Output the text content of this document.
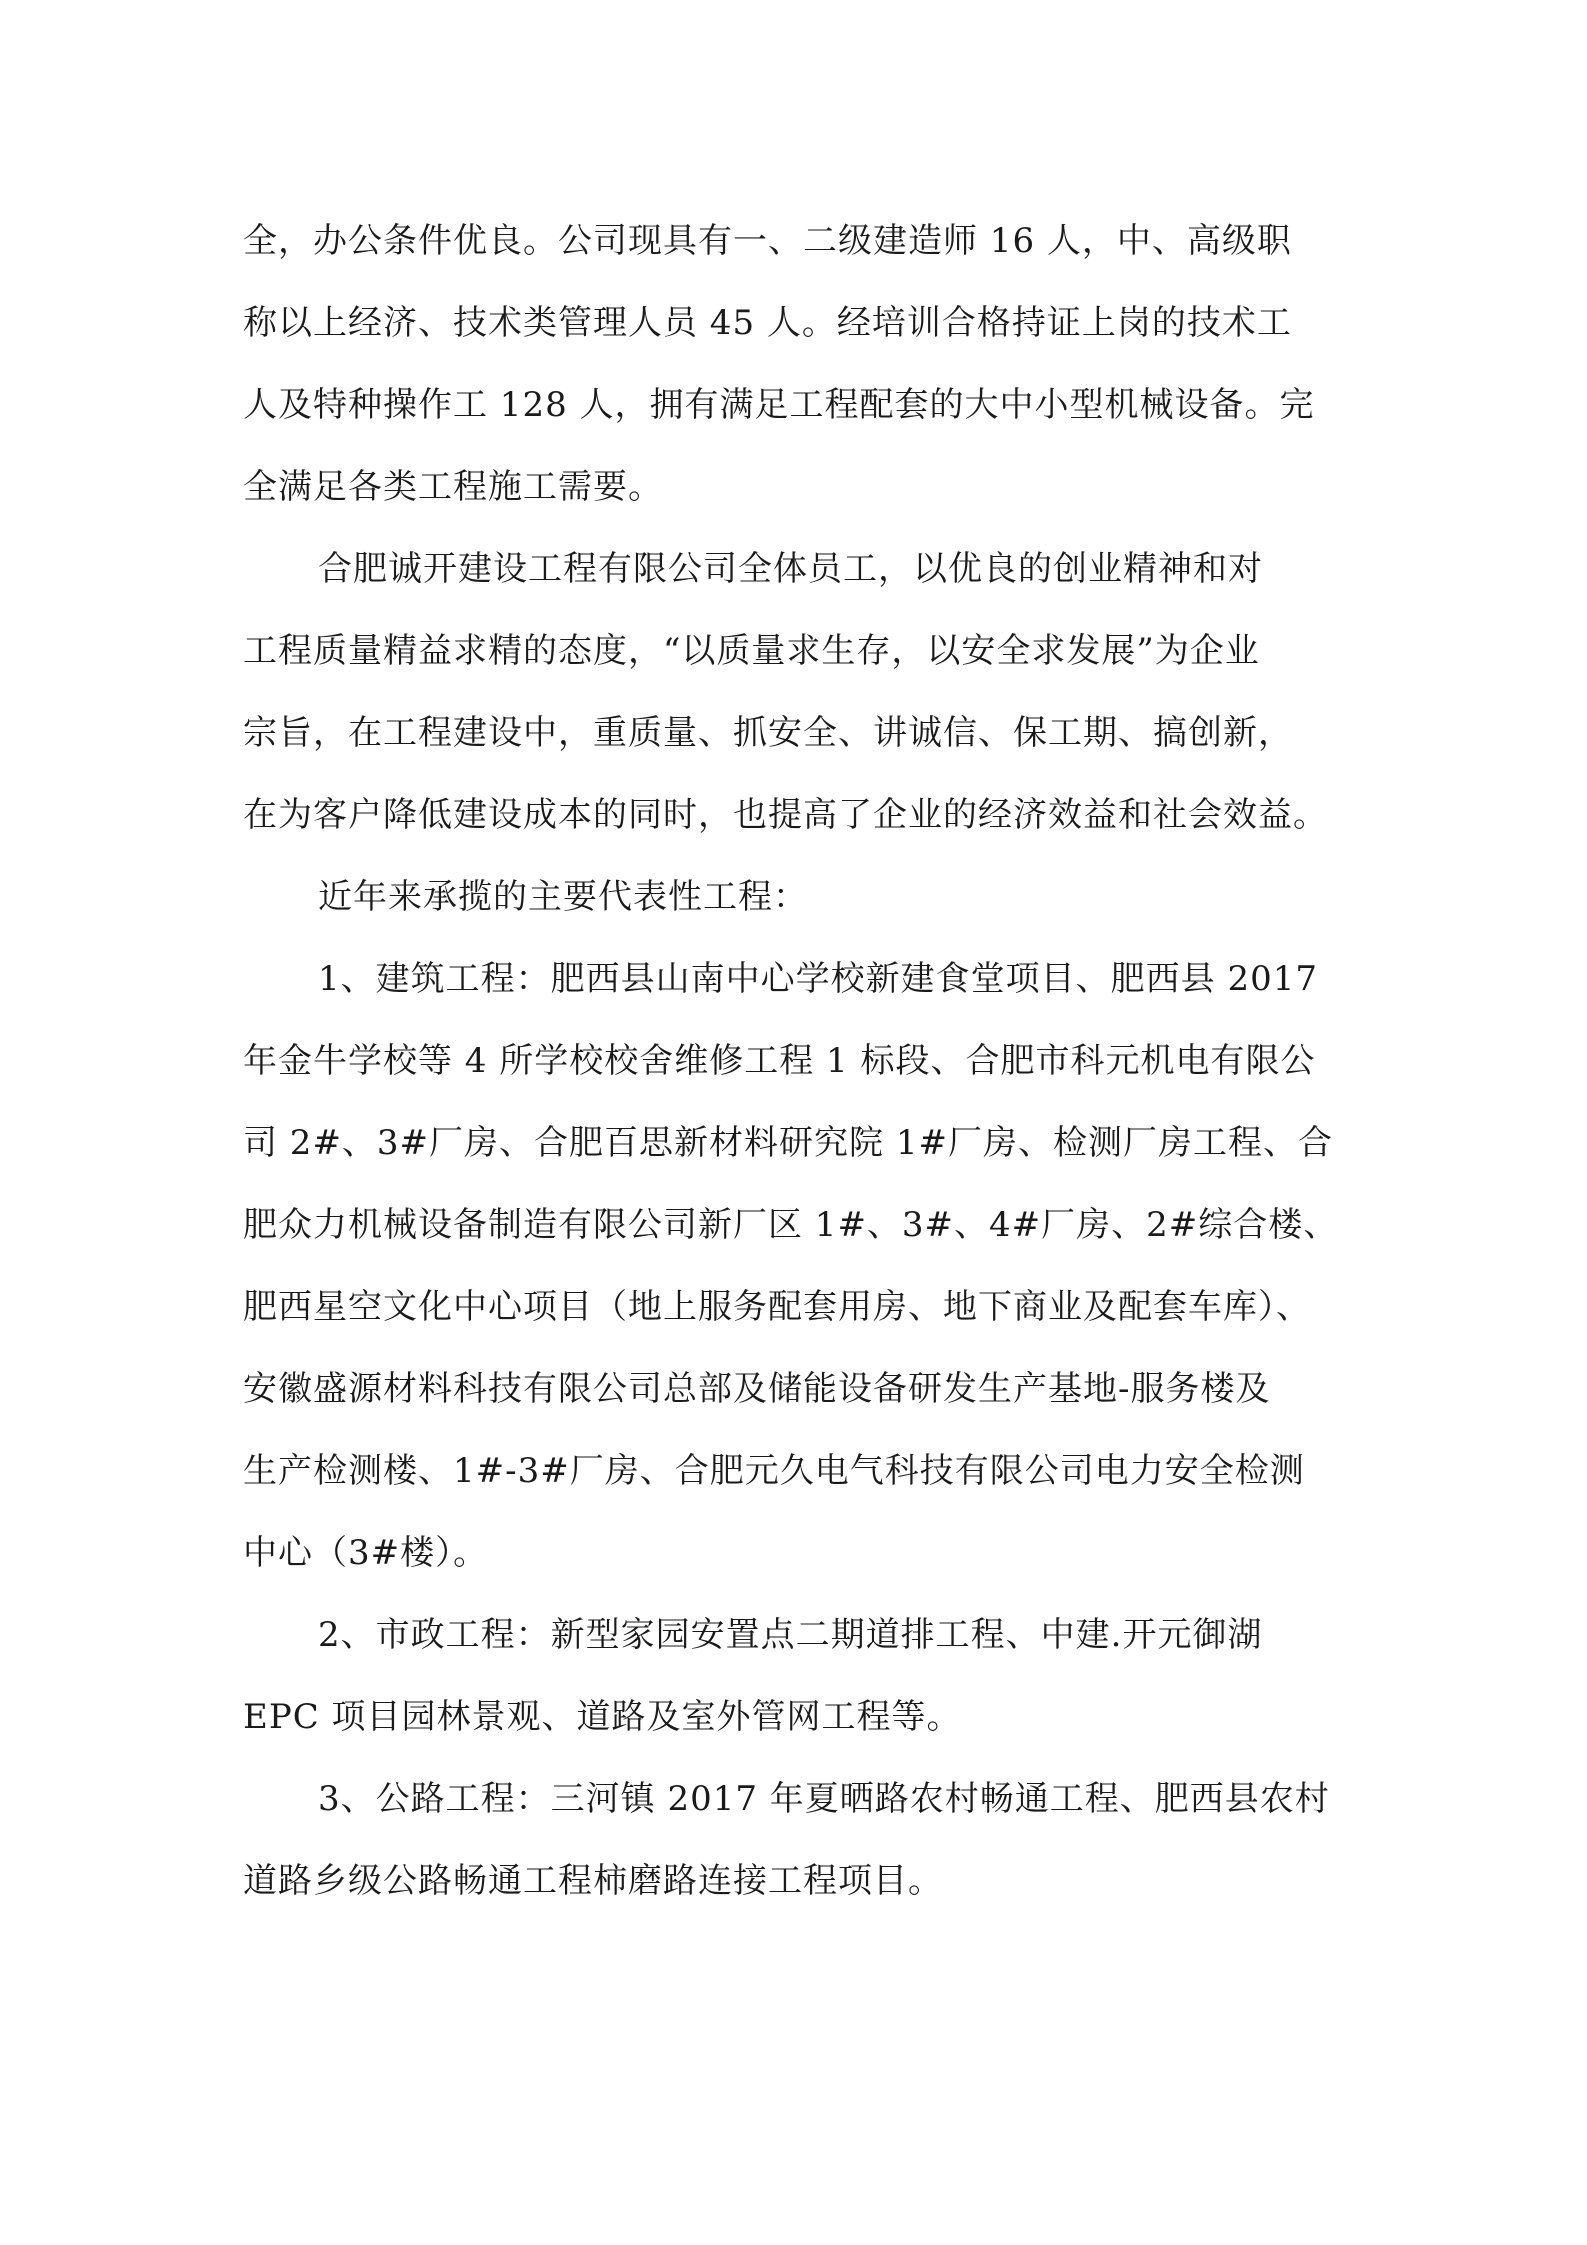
全，办公条件优良。公司现具有一、二级建造师 16 人，中、高级职
称以上经济、技术类管理人员 45 人。经培训合格持证上岗的技术工
人及特种操作工 128 人，拥有满足工程配套的大中小型机械设备。完
全满足各类工程施工需要。
合肥诚开建设工程有限公司全体员工，以优良的创业精神和对
工程质量精益求精的态度，“以质量求生存，以安全求发展”为企业
宗旨，在工程建设中，重质量、抓安全、讲诚信、保工期、搞创新，
在为客户降低建设成本的同时，也提高了企业的经济效益和社会效益。
近年来承揽的主要代表性工程：
1、建筑工程：肥西县山南中心学校新建食堂项目、肥西县 2017
年金牛学校等 4 所学校校舍维修工程 1 标段、合肥市科元机电有限公
司 2#、3#厂房、合肥百思新材料研究院 1#厂房、检测厂房工程、合
肥众力机械设备制造有限公司新厂区 1#、3#、4#厂房、2#综合楼、
肥西星空文化中心项目（地上服务配套用房、地下商业及配套车库）、
安徽盛源材料科技有限公司总部及储能设备研发生产基地-服务楼及
生产检测楼、1#-3#厂房、合肥元久电气科技有限公司电力安全检测
中心（3#楼）。
2、市政工程：新型家园安置点二期道排工程、中建.开元御湖
EPC 项目园林景观、道路及室外管网工程等。
3、公路工程：三河镇 2017 年夏晒路农村畅通工程、肥西县农村
道路乡级公路畅通工程柿磨路连接工程项目。
